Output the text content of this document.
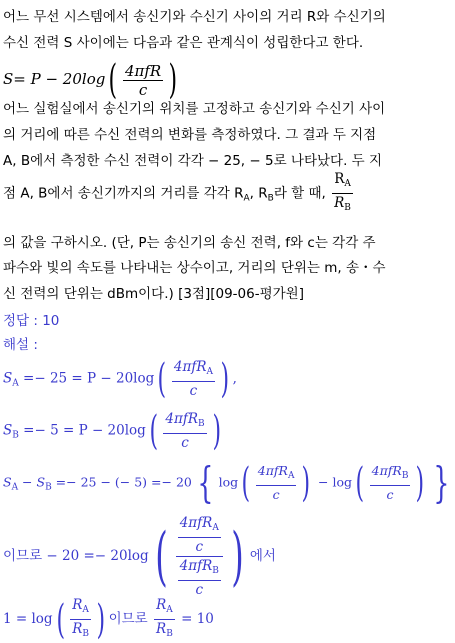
어느 무선 시스템에서 송신기와 수신기 사이의 거리 R와 수신기의
수신 전력 S 사이에는 다음과 같은 관계식이 성립한다고 한다.
$S= P - 20\log( \frac{\text{4πfR}}{c}$ )
어느 실험실에서 송신기의 위치를 고정하고 송신기와 수신기 사이
의 거리에 따른 수신 전력의 변화를 측정하였다. 그 결과 두 지점
A, B에서 측정한 수신 전력이 각각 − 25, − 5로 나타났다. 두 지
점 A, B에서 송신기까지의 거리를 각각 $R_A$, $R_B$라 할 때, $\frac{R_A}{R_B}$
의 값을 구하시오. (단, P는 송신기의 송신 전력, f와 c는 각각 주
파수와 빛의 속도를 나타내는 상수이고, 거리의 단위는 m, 송・수
신 전력의 단위는 dBm이다.) [3점][09-06-평가원]
정답 : 10
해설 :
$S_A =- 25 = P - 20\log( \frac{4\pi fR_A}{c}$ ) ,
$S_B =- 5 = P - 20\log( \frac{4\pi fR_B}{c}$ )
$S_A - S_B =- 25$ − (− 5) =− 20 { $\log( \frac{4\pi fR_A}{c}$ ) − $\log( \frac{4\pi fR_B}{c}$ ) }
이므로 − $20 =- 20\log( \frac{\frac{4\pi fR_A}{c}}{\frac{4\pi fR_B}{c}}$ ) 에서
$1 = \log( \frac{R_A}{R_B}$ ) 이므로 $\frac{R_A}{R_B} = 10$
